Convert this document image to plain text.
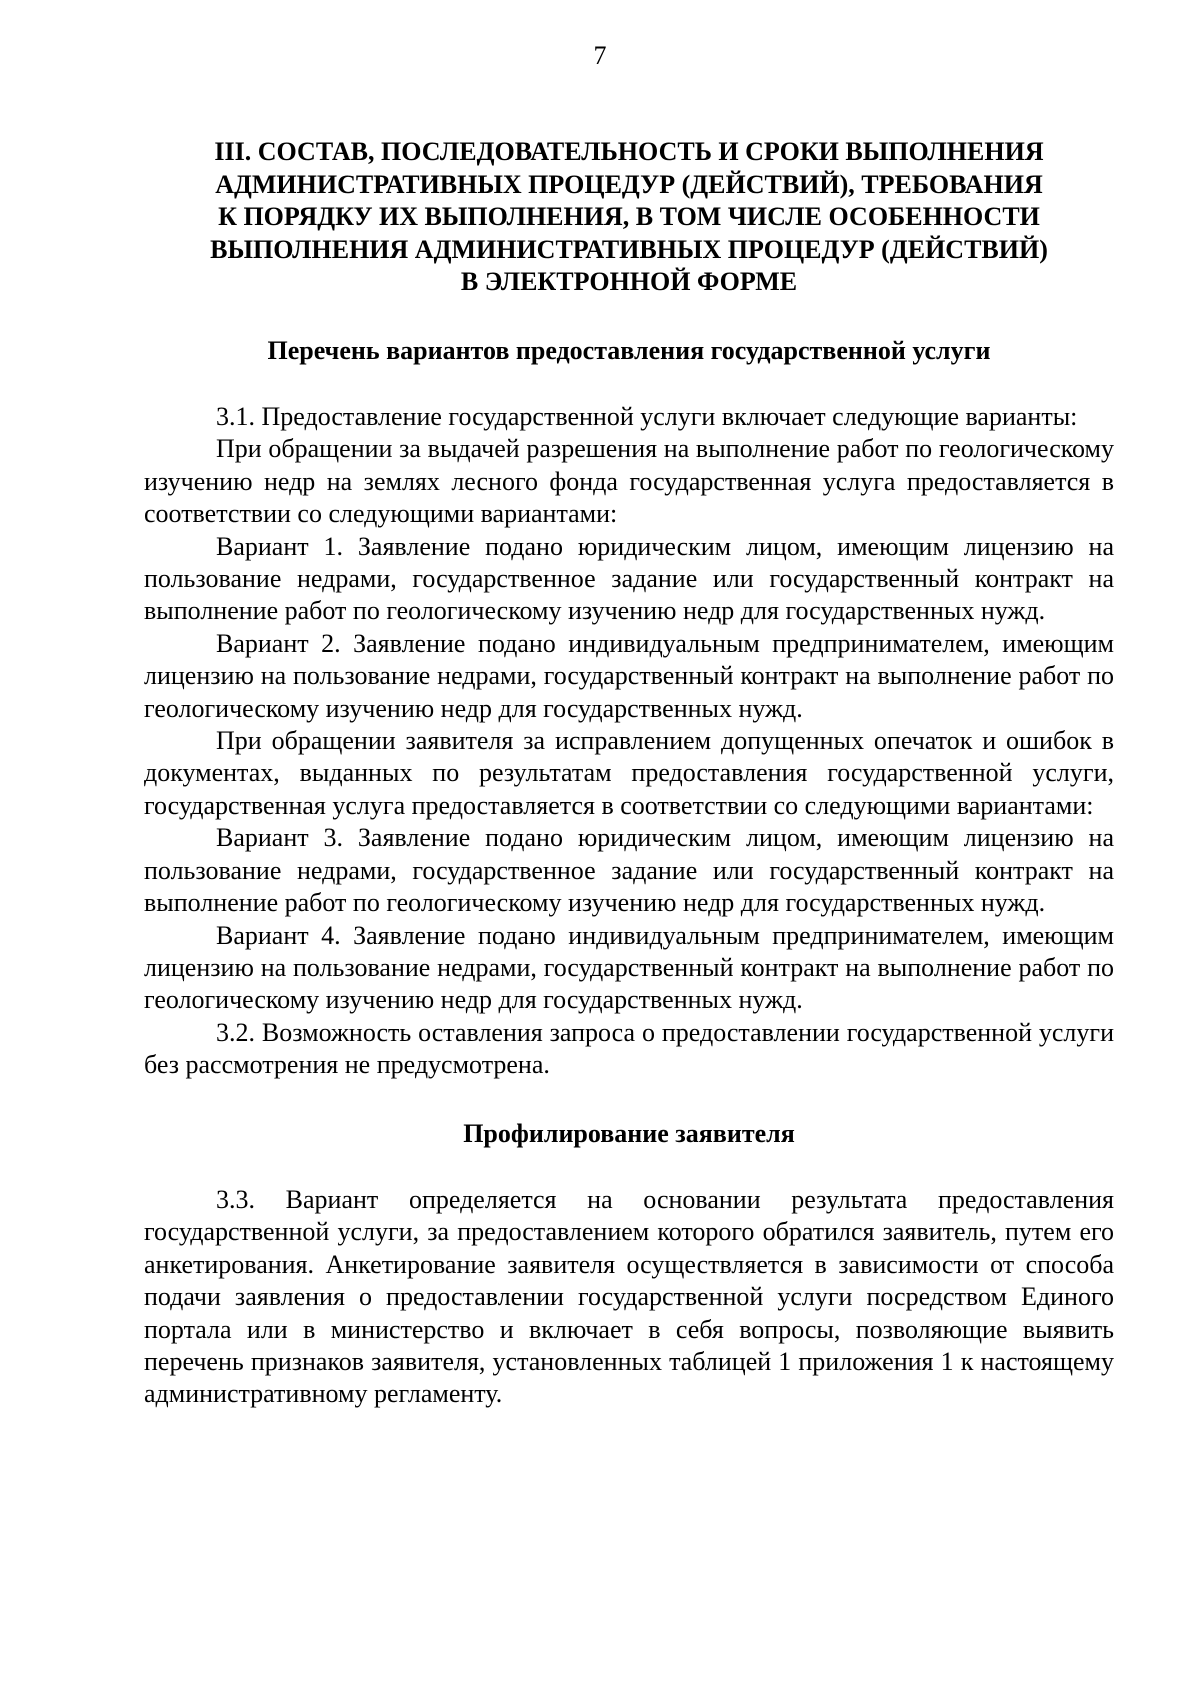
7
III. СОСТАВ, ПОСЛЕДОВАТЕЛЬНОСТЬ И СРОКИ ВЫПОЛНЕНИЯ
АДМИНИСТРАТИВНЫХ ПРОЦЕДУР (ДЕЙСТВИЙ), ТРЕБОВАНИЯ
К ПОРЯДКУ ИХ ВЫПОЛНЕНИЯ, В ТОМ ЧИСЛЕ ОСОБЕННОСТИ
ВЫПОЛНЕНИЯ АДМИНИСТРАТИВНЫХ ПРОЦЕДУР (ДЕЙСТВИЙ)
В ЭЛЕКТРОННОЙ ФОРМЕ
Перечень вариантов предоставления государственной услуги

3.1. Предоставление государственной услуги включает следующие варианты:

При обращении за выдачей разрешения на выполнение работ по геологическому изучению недр на землях лесного фонда государственная услуга предоставляется в соответствии со следующими вариантами:

Вариант 1. Заявление подано юридическим лицом, имеющим лицензию на пользование недрами, государственное задание или государственный контракт на выполнение работ по геологическому изучению недр для государственных нужд.

Вариант 2. Заявление подано индивидуальным предпринимателем, имеющим лицензию на пользование недрами, государственный контракт на выполнение работ по геологическому изучению недр для государственных нужд.

При обращении заявителя за исправлением допущенных опечаток и ошибок в документах, выданных по результатам предоставления государственной услуги, государственная услуга предоставляется в соответствии со следующими вариантами:

Вариант 3. Заявление подано юридическим лицом, имеющим лицензию на пользование недрами, государственное задание или государственный контракт на выполнение работ по геологическому изучению недр для государственных нужд.

Вариант 4. Заявление подано индивидуальным предпринимателем, имеющим лицензию на пользование недрами, государственный контракт на выполнение работ по геологическому изучению недр для государственных нужд.

3.2. Возможность оставления запроса о предоставлении государственной услуги без рассмотрения не предусмотрена.

Профилирование заявителя

3.3. Вариант определяется на основании результата предоставления государственной услуги, за предоставлением которого обратился заявитель, путем его анкетирования. Анкетирование заявителя осуществляется в зависимости от способа подачи заявления о предоставлении государственной услуги посредством Единого портала или в министерство и включает в себя вопросы, позволяющие выявить перечень признаков заявителя, установленных таблицей 1 приложения 1 к настоящему административному регламенту.
